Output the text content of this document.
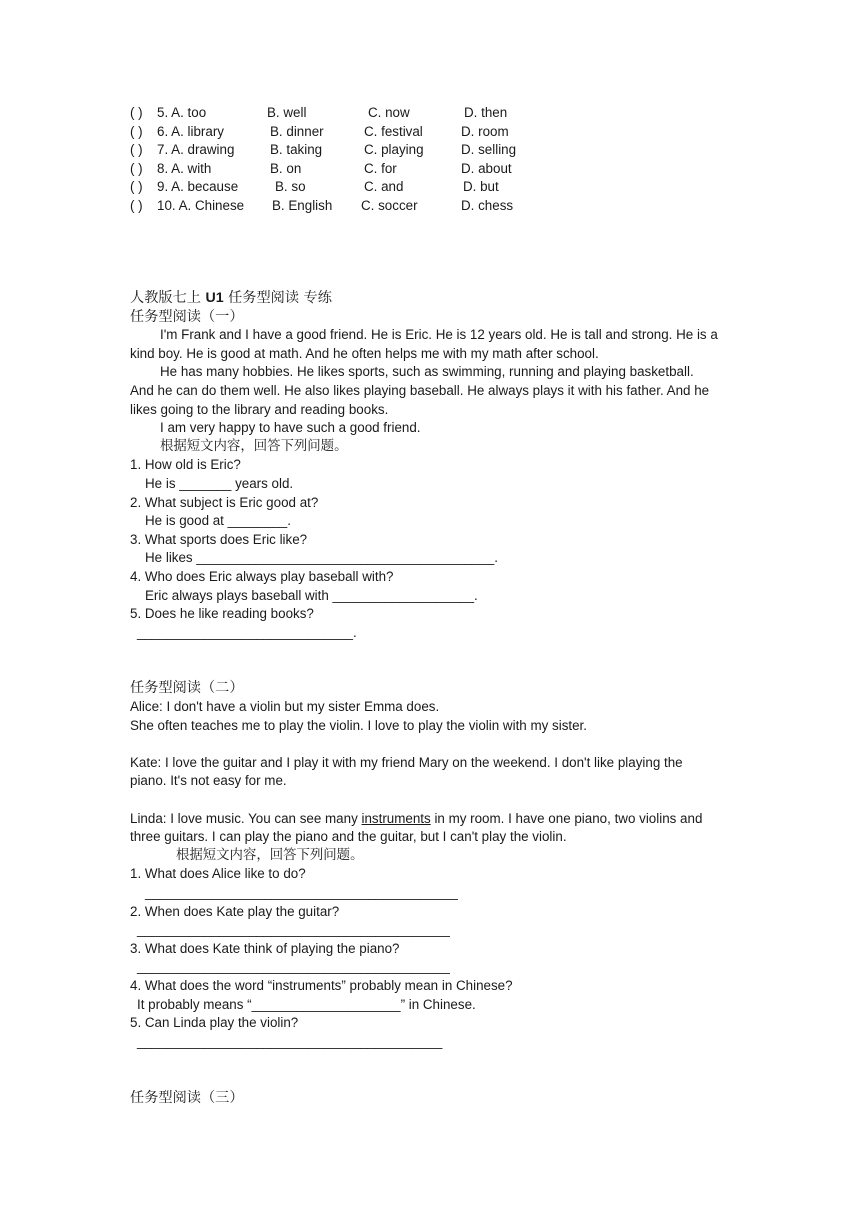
( ) 5. A. too	B. well	C. now	D. then
( ) 6. A. library	B. dinner	C. festival	D. room
( ) 7. A. drawing	B. taking	C. playing	D. selling
( ) 8. A. with	B. on	C. for	D. about
( ) 9. A. because	B. so	C. and	D. but
( ) 10. A. Chinese B. English C. soccer	D. chess
人教版七上 U1 任务型阅读 专练
任务型阅读（一）
I'm Frank and I have a good friend. He is Eric. He is 12 years old. He is tall and strong. He is a
kind boy. He is good at math. And he often helps me with my math after school.
He has many hobbies. He likes sports, such as swimming, running and playing basketball.
And he can do them well. He also likes playing baseball. He always plays it with his father. And he
likes going to the library and reading books.
I am very happy to have such a good friend.
根据短文内容，回答下列问题。
1. How old is Eric?
He is _______ years old.
2. What subject is Eric good at?
He is good at ________.
3. What sports does Eric like?
He likes ________________________________________.
4. Who does Eric always play baseball with?
Eric always plays baseball with ___________________.
5. Does he like reading books?
_____________________________.
任务型阅读（二）
Alice: I don't have a violin but my sister Emma does.
She often teaches me to play the violin. I love to play the violin with my sister.
Kate: I love the guitar and I play it with my friend Mary on the weekend. I don't like playing the
piano. It's not easy for me.
Linda: I love music. You can see many instruments in my room. I have one piano, two violins and
three guitars. I can play the piano and the guitar, but I can't play the violin.
根据短文内容，回答下列问题。
1. What does Alice like to do?
__________________________________________
2. When does Kate play the guitar?
__________________________________________
3. What does Kate think of playing the piano?
__________________________________________
4. What does the word “instruments” probably mean in Chinese?
It probably means “____________________” in Chinese.
5. Can Linda play the violin?
_________________________________________
任务型阅读（三）
